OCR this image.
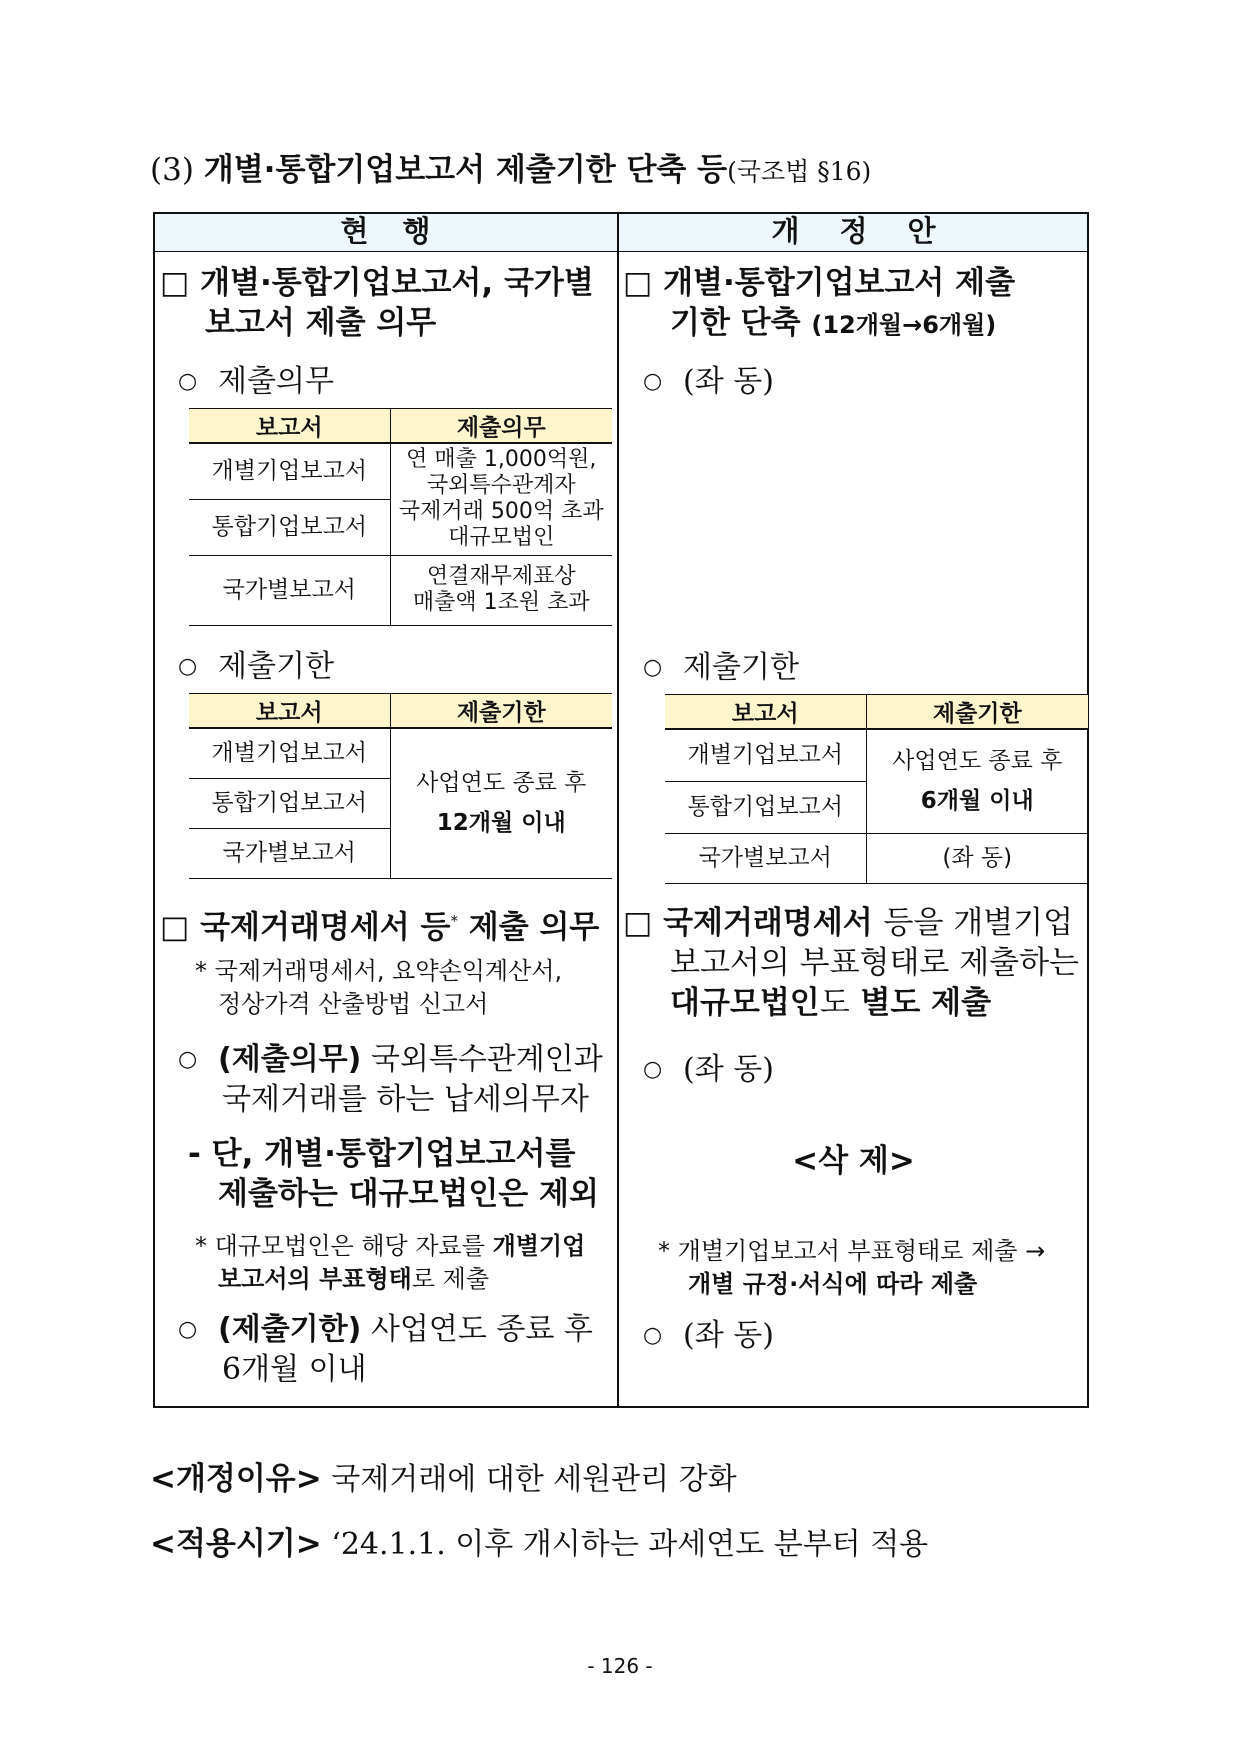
(3) 개별·통합기업보고서 제출기한 단축 등(국조법 §16)
현행	개정안
□ 개별·통합기업보고서, 국가별
보고서 제출 의무
○ 제출의무
보고서	제출의무
개별기업보고서	연 매출 1,000억원,
국외특수관계자
국제거래 500억 초과
대규모법인

통합기업보고서	
국가별보고서	연결재무제표상
매출액 1조원 초과
○ 제출기한
보고서	제출기한
개별기업보고서	사업연도 종료 후
12개월 이내

통합기업보고서	
국가별보고서	
□ 국제거래명세서 등* 제출 의무
* 국제거래명세서, 요약손익계산서,
정상가격 산출방법 신고서
○ (제출의무) 국외특수관계인과
국제거래를 하는 납세의무자
- 단, 개별·통합기업보고서를
제출하는 대규모법인은 제외
* 대규모법인은 해당 자료를 개별기업
보고서의 부표형태로 제출
○ (제출기한) 사업연도 종료 후
6개월 이내
□ 개별·통합기업보고서 제출
기한 단축 (12개월→6개월)
○ (좌 동)
○ 제출기한
보고서	제출기한
개별기업보고서	사업연도 종료 후
6개월 이내

통합기업보고서	
국가별보고서	(좌 동)
□ 국제거래명세서 등을 개별기업
보고서의 부표형태로 제출하는
대규모법인도 별도 제출
○ (좌 동)
<삭 제>
* 개별기업보고서 부표형태로 제출 →
개별 규정·서식에 따라 제출
○ (좌 동)
<개정이유> 국제거래에 대한 세원관리 강화
<적용시기> ‘24.1.1. 이후 개시하는 과세연도 분부터 적용
- 126 -
